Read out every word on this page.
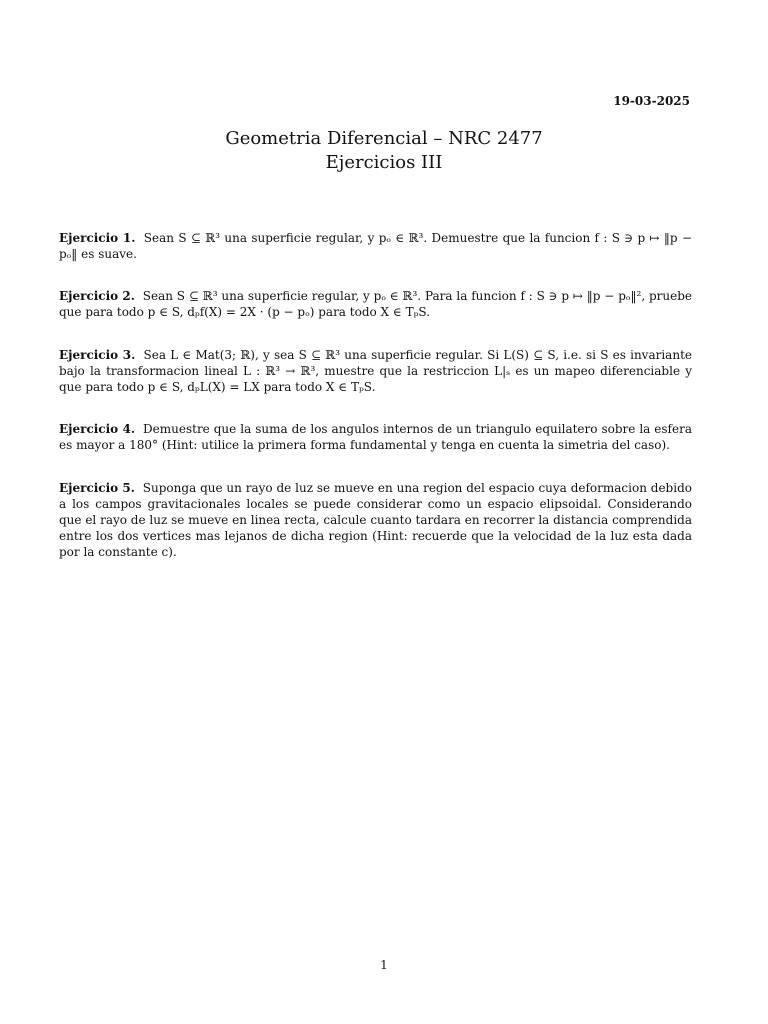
19-03-2025
Geometria Diferencial – NRC 2477
Ejercicios III

Ejercicio 1. Sean S ⊆ ℝ³ una superficie regular, y pₒ ∈ ℝ³. Demuestre que la funcion f : S ∋ p ↦ ‖p − pₒ‖ es suave.

Ejercicio 2. Sean S ⊆ ℝ³ una superficie regular, y pₒ ∈ ℝ³. Para la funcion f : S ∋ p ↦ ‖p − pₒ‖², pruebe que para todo p ∈ S, dₚf(X) = 2X · (p − pₒ) para todo X ∈ TₚS.

Ejercicio 3. Sea L ∈ Mat(3; ℝ), y sea S ⊆ ℝ³ una superficie regular. Si L(S) ⊆ S, i.e. si S es invariante bajo la transformacion lineal L : ℝ³ → ℝ³, muestre que la restriccion L|ₛ es un mapeo diferenciable y que para todo p ∈ S, dₚL(X) = LX para todo X ∈ TₚS.

Ejercicio 4. Demuestre que la suma de los angulos internos de un triangulo equilatero sobre la esfera es mayor a 180° (Hint: utilice la primera forma fundamental y tenga en cuenta la simetria del caso).

Ejercicio 5. Suponga que un rayo de luz se mueve en una region del espacio cuya deformacion debido a los campos gravitacionales locales se puede considerar como un espacio elipsoidal. Considerando que el rayo de luz se mueve en linea recta, calcule cuanto tardara en recorrer la distancia comprendida entre los dos vertices mas lejanos de dicha region (Hint: recuerde que la velocidad de la luz esta dada por la constante c).

1
